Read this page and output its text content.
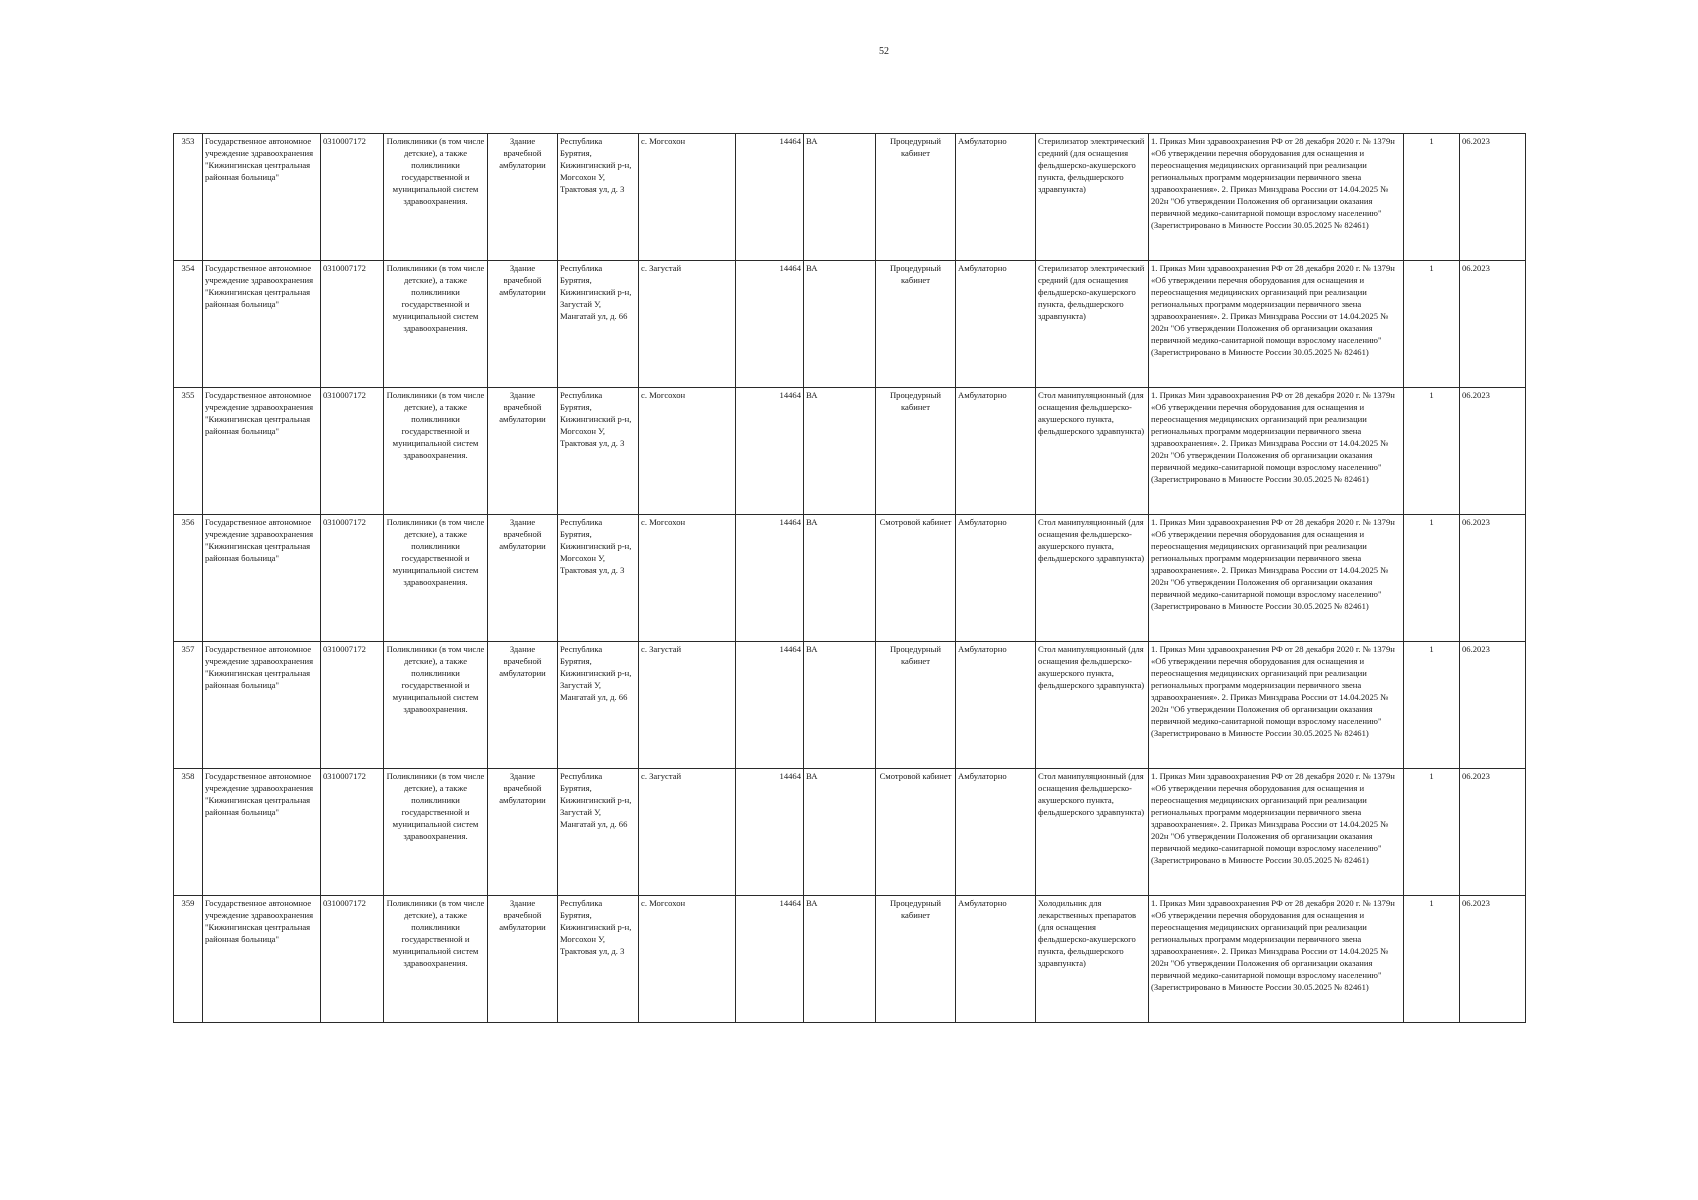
52
353	Государственное автономное учреждение здравоохранения "Кижингинская центральная районная больница"	0310007172	Поликлиники (в том числе детские), а также поликлиники государственной и муниципальной систем здравоохранения.	Здание врачебной амбулатории	Республика Бурятия, Кижингинский р-н, Могсохон У, Трактовая ул, д. 3	с. Могсохон	14464	ВА	Процедурный кабинет	Амбулаторно	Стерилизатор электрический средний (для оснащения фельдшерско-акушерского пункта, фельдшерского здравпункта)	1. Приказ Мин здравоохранения РФ от 28 декабря 2020 г. № 1379н «Об утверждении перечня оборудования для оснащения и переоснащения медицинских организаций при реализации региональных программ модернизации первичного звена здравоохранения». 2. Приказ Минздрава России от 14.04.2025 № 202н "Об утверждении Положения об организации оказания первичной медико-санитарной помощи взрослому населению" (Зарегистрировано в Минюсте России 30.05.2025 № 82461)	1	06.2023
354	Государственное автономное учреждение здравоохранения "Кижингинская центральная районная больница"	0310007172	Поликлиники (в том числе детские), а также поликлиники государственной и муниципальной систем здравоохранения.	Здание врачебной амбулатории	Республика Бурятия, Кижингинский р-н, Загустай У, Мангатай ул, д. 66	с. Загустай	14464	ВА	Процедурный кабинет	Амбулаторно	Стерилизатор электрический средний (для оснащения фельдшерско-акушерского пункта, фельдшерского здравпункта)	1. Приказ Мин здравоохранения РФ от 28 декабря 2020 г. № 1379н «Об утверждении перечня оборудования для оснащения и переоснащения медицинских организаций при реализации региональных программ модернизации первичного звена здравоохранения». 2. Приказ Минздрава России от 14.04.2025 № 202н "Об утверждении Положения об организации оказания первичной медико-санитарной помощи взрослому населению" (Зарегистрировано в Минюсте России 30.05.2025 № 82461)	1	06.2023
355	Государственное автономное учреждение здравоохранения "Кижингинская центральная районная больница"	0310007172	Поликлиники (в том числе детские), а также поликлиники государственной и муниципальной систем здравоохранения.	Здание врачебной амбулатории	Республика Бурятия, Кижингинский р-н, Могсохон У, Трактовая ул, д. 3	с. Могсохон	14464	ВА	Процедурный кабинет	Амбулаторно	Стол манипуляционный (для оснащения фельдшерско-акушерского пункта, фельдшерского здравпункта)	1. Приказ Мин здравоохранения РФ от 28 декабря 2020 г. № 1379н «Об утверждении перечня оборудования для оснащения и переоснащения медицинских организаций при реализации региональных программ модернизации первичного звена здравоохранения». 2. Приказ Минздрава России от 14.04.2025 № 202н "Об утверждении Положения об организации оказания первичной медико-санитарной помощи взрослому населению" (Зарегистрировано в Минюсте России 30.05.2025 № 82461)	1	06.2023
356	Государственное автономное учреждение здравоохранения "Кижингинская центральная районная больница"	0310007172	Поликлиники (в том числе детские), а также поликлиники государственной и муниципальной систем здравоохранения.	Здание врачебной амбулатории	Республика Бурятия, Кижингинский р-н, Могсохон У, Трактовая ул, д. 3	с. Могсохон	14464	ВА	Смотровой кабинет	Амбулаторно	Стол манипуляционный (для оснащения фельдшерско-акушерского пункта, фельдшерского здравпункта)	1. Приказ Мин здравоохранения РФ от 28 декабря 2020 г. № 1379н «Об утверждении перечня оборудования для оснащения и переоснащения медицинских организаций при реализации региональных программ модернизации первичного звена здравоохранения». 2. Приказ Минздрава России от 14.04.2025 № 202н "Об утверждении Положения об организации оказания первичной медико-санитарной помощи взрослому населению" (Зарегистрировано в Минюсте России 30.05.2025 № 82461)	1	06.2023
357	Государственное автономное учреждение здравоохранения "Кижингинская центральная районная больница"	0310007172	Поликлиники (в том числе детские), а также поликлиники государственной и муниципальной систем здравоохранения.	Здание врачебной амбулатории	Республика Бурятия, Кижингинский р-н, Загустай У, Мангатай ул, д. 66	с. Загустай	14464	ВА	Процедурный кабинет	Амбулаторно	Стол манипуляционный (для оснащения фельдшерско-акушерского пункта, фельдшерского здравпункта)	1. Приказ Мин здравоохранения РФ от 28 декабря 2020 г. № 1379н «Об утверждении перечня оборудования для оснащения и переоснащения медицинских организаций при реализации региональных программ модернизации первичного звена здравоохранения». 2. Приказ Минздрава России от 14.04.2025 № 202н "Об утверждении Положения об организации оказания первичной медико-санитарной помощи взрослому населению" (Зарегистрировано в Минюсте России 30.05.2025 № 82461)	1	06.2023
358	Государственное автономное учреждение здравоохранения "Кижингинская центральная районная больница"	0310007172	Поликлиники (в том числе детские), а также поликлиники государственной и муниципальной систем здравоохранения.	Здание врачебной амбулатории	Республика Бурятия, Кижингинский р-н, Загустай У, Мангатай ул, д. 66	с. Загустай	14464	ВА	Смотровой кабинет	Амбулаторно	Стол манипуляционный (для оснащения фельдшерско-акушерского пункта, фельдшерского здравпункта)	1. Приказ Мин здравоохранения РФ от 28 декабря 2020 г. № 1379н «Об утверждении перечня оборудования для оснащения и переоснащения медицинских организаций при реализации региональных программ модернизации первичного звена здравоохранения». 2. Приказ Минздрава России от 14.04.2025 № 202н "Об утверждении Положения об организации оказания первичной медико-санитарной помощи взрослому населению" (Зарегистрировано в Минюсте России 30.05.2025 № 82461)	1	06.2023
359	Государственное автономное учреждение здравоохранения "Кижингинская центральная районная больница"	0310007172	Поликлиники (в том числе детские), а также поликлиники государственной и муниципальной систем здравоохранения.	Здание врачебной амбулатории	Республика Бурятия, Кижингинский р-н, Могсохон У, Трактовая ул, д. 3	с. Могсохон	14464	ВА	Процедурный кабинет	Амбулаторно	Холодильник для лекарственных препаратов (для оснащения фельдшерско-акушерского пункта, фельдшерского здравпункта)	1. Приказ Мин здравоохранения РФ от 28 декабря 2020 г. № 1379н «Об утверждении перечня оборудования для оснащения и переоснащения медицинских организаций при реализации региональных программ модернизации первичного звена здравоохранения». 2. Приказ Минздрава России от 14.04.2025 № 202н "Об утверждении Положения об организации оказания первичной медико-санитарной помощи взрослому населению" (Зарегистрировано в Минюсте России 30.05.2025 № 82461)	1	06.2023
